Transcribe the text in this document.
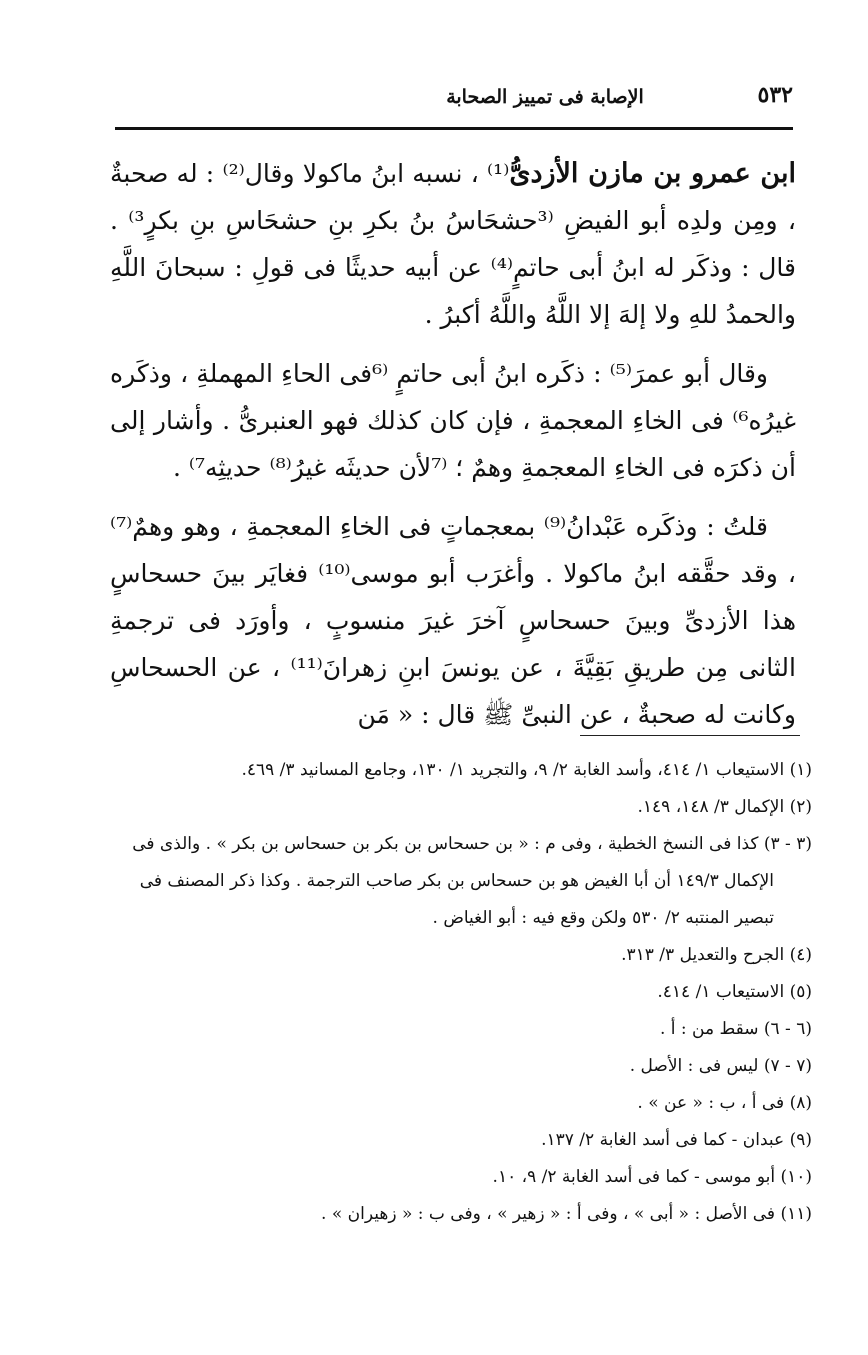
الإصابة فى تمييز الصحابة	٥٣٢

ابن عمرو بن مازن الأزدىُّ⁽¹⁾ ، نسبه ابنُ ماكولا وقال⁽²⁾ : له صحبةٌ ، ومِن ولدِه أبو الفيضِ ⁽³حشحَاسُ بنُ بكرِ بنِ حشحَاسِ بنِ بكرٍ³⁾ . قال : وذكَر له ابنُ أبى حاتمٍ⁽⁴⁾ عن أبيه حديثًا فى قولِ : سبحانَ اللَّهِ والحمدُ للهِ ولا إلهَ إلا اللَّهُ واللَّهُ أكبرُ .

وقال أبو عمرَ⁽⁵⁾ : ذكَره ابنُ أبى حاتمٍ ⁽⁶فى الحاءِ المهملةِ ، وذكَره غيرُه⁶⁾ فى الخاءِ المعجمةِ ، فإن كان كذلك فهو العنبرىُّ . وأشار إلى أن ذكرَه فى الخاءِ المعجمةِ وهمٌ ؛ ⁽⁷لأن حديثَه غيرُ⁽⁸⁾ حديثِه⁷⁾ .

قلتُ : وذكَره عَبْدانُ⁽⁹⁾ بمعجماتٍ فى الخاءِ المعجمةِ ، وهو وهمٌ⁽⁷⁾ ، وقد حقَّقه ابنُ ماكولا . وأغرَب أبو موسى⁽¹⁰⁾ فغايَر بينَ حسحاسٍ هذا الأزدىِّ وبينَ حسحاسٍ آخرَ غيرَ منسوبٍ ، وأورَد فى ترجمةِ الثانى مِن طريقِ بَقِيَّةَ ، عن يونسَ ابنِ زهرانَ⁽¹¹⁾ ، عن الحسحاسِ وكانت له صحبةٌ ، عن النبىِّ ﷺ قال : « مَن

(١) الاستيعاب ١/ ٤١٤، وأسد الغابة ٢/ ٩، والتجريد ١/ ١٣٠، وجامع المسانيد ٣/ ٤٦٩.

(٢) الإكمال ٣/ ١٤٨، ١٤٩.

(٣ - ٣) كذا فى النسخ الخطية ، وفى م : « بن حسحاس بن بكر بن حسحاس بن بكر » . والذى فى

الإكمال ١٤٩/٣ أن أبا الغيض هو بن حسحاس بن بكر صاحب الترجمة . وكذا ذكر المصنف فى

تبصير المنتبه ٢/ ٥٣٠ ولكن وقع فيه : أبو الغياض .

(٤) الجرح والتعديل ٣/ ٣١٣.

(٥) الاستيعاب ١/ ٤١٤.

(٦ - ٦) سقط من : أ .

(٧ - ٧) ليس فى : الأصل .

(٨) فى أ ، ب : « عن » .

(٩) عبدان - كما فى أسد الغابة ٢/ ١٣٧.

(١٠) أبو موسى - كما فى أسد الغابة ٢/ ٩، ١٠.

(١١) فى الأصل : « أبى » ، وفى أ : « زهير » ، وفى ب : « زهيران » .
